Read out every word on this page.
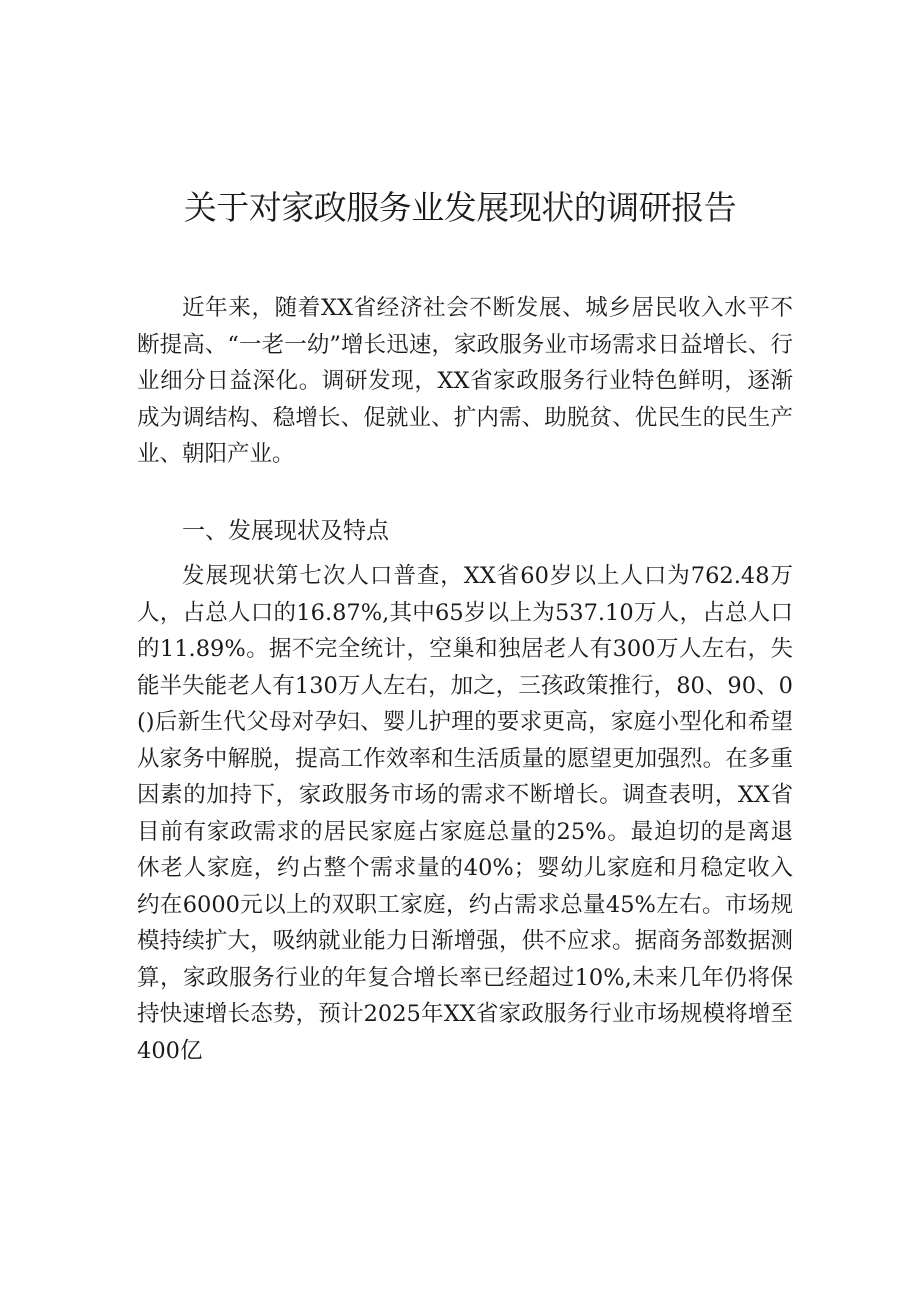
关于对家政服务业发展现状的调研报告

近年来，随着XX省经济社会不断发展、城乡居民收入水平不断提高、“一老一幼”增长迅速，家政服务业市场需求日益增长、行业细分日益深化。调研发现，XX省家政服务行业特色鲜明，逐渐成为调结构、稳增长、促就业、扩内需、助脱贫、优民生的民生产业、朝阳产业。

一、发展现状及特点

发展现状第七次人口普查，XX省60岁以上人口为762.48万人，占总人口的16.87%,其中65岁以上为537.10万人，占总人口的11.89%。据不完全统计，空巢和独居老人有300万人左右，失能半失能老人有130万人左右，加之，三孩政策推行，80、90、0()后新生代父母对孕妇、婴儿护理的要求更高，家庭小型化和希望从家务中解脱，提高工作效率和生活质量的愿望更加强烈。在多重因素的加持下，家政服务市场的需求不断增长。调查表明，XX省目前有家政需求的居民家庭占家庭总量的25%。最迫切的是离退休老人家庭，约占整个需求量的40%；婴幼儿家庭和月稳定收入约在6000元以上的双职工家庭，约占需求总量45%左右。市场规模持续扩大，吸纳就业能力日渐增强，供不应求。据商务部数据测算，家政服务行业的年复合增长率已经超过10%,未来几年仍将保持快速增长态势，预计2025年XX省家政服务行业市场规模将增至400亿
